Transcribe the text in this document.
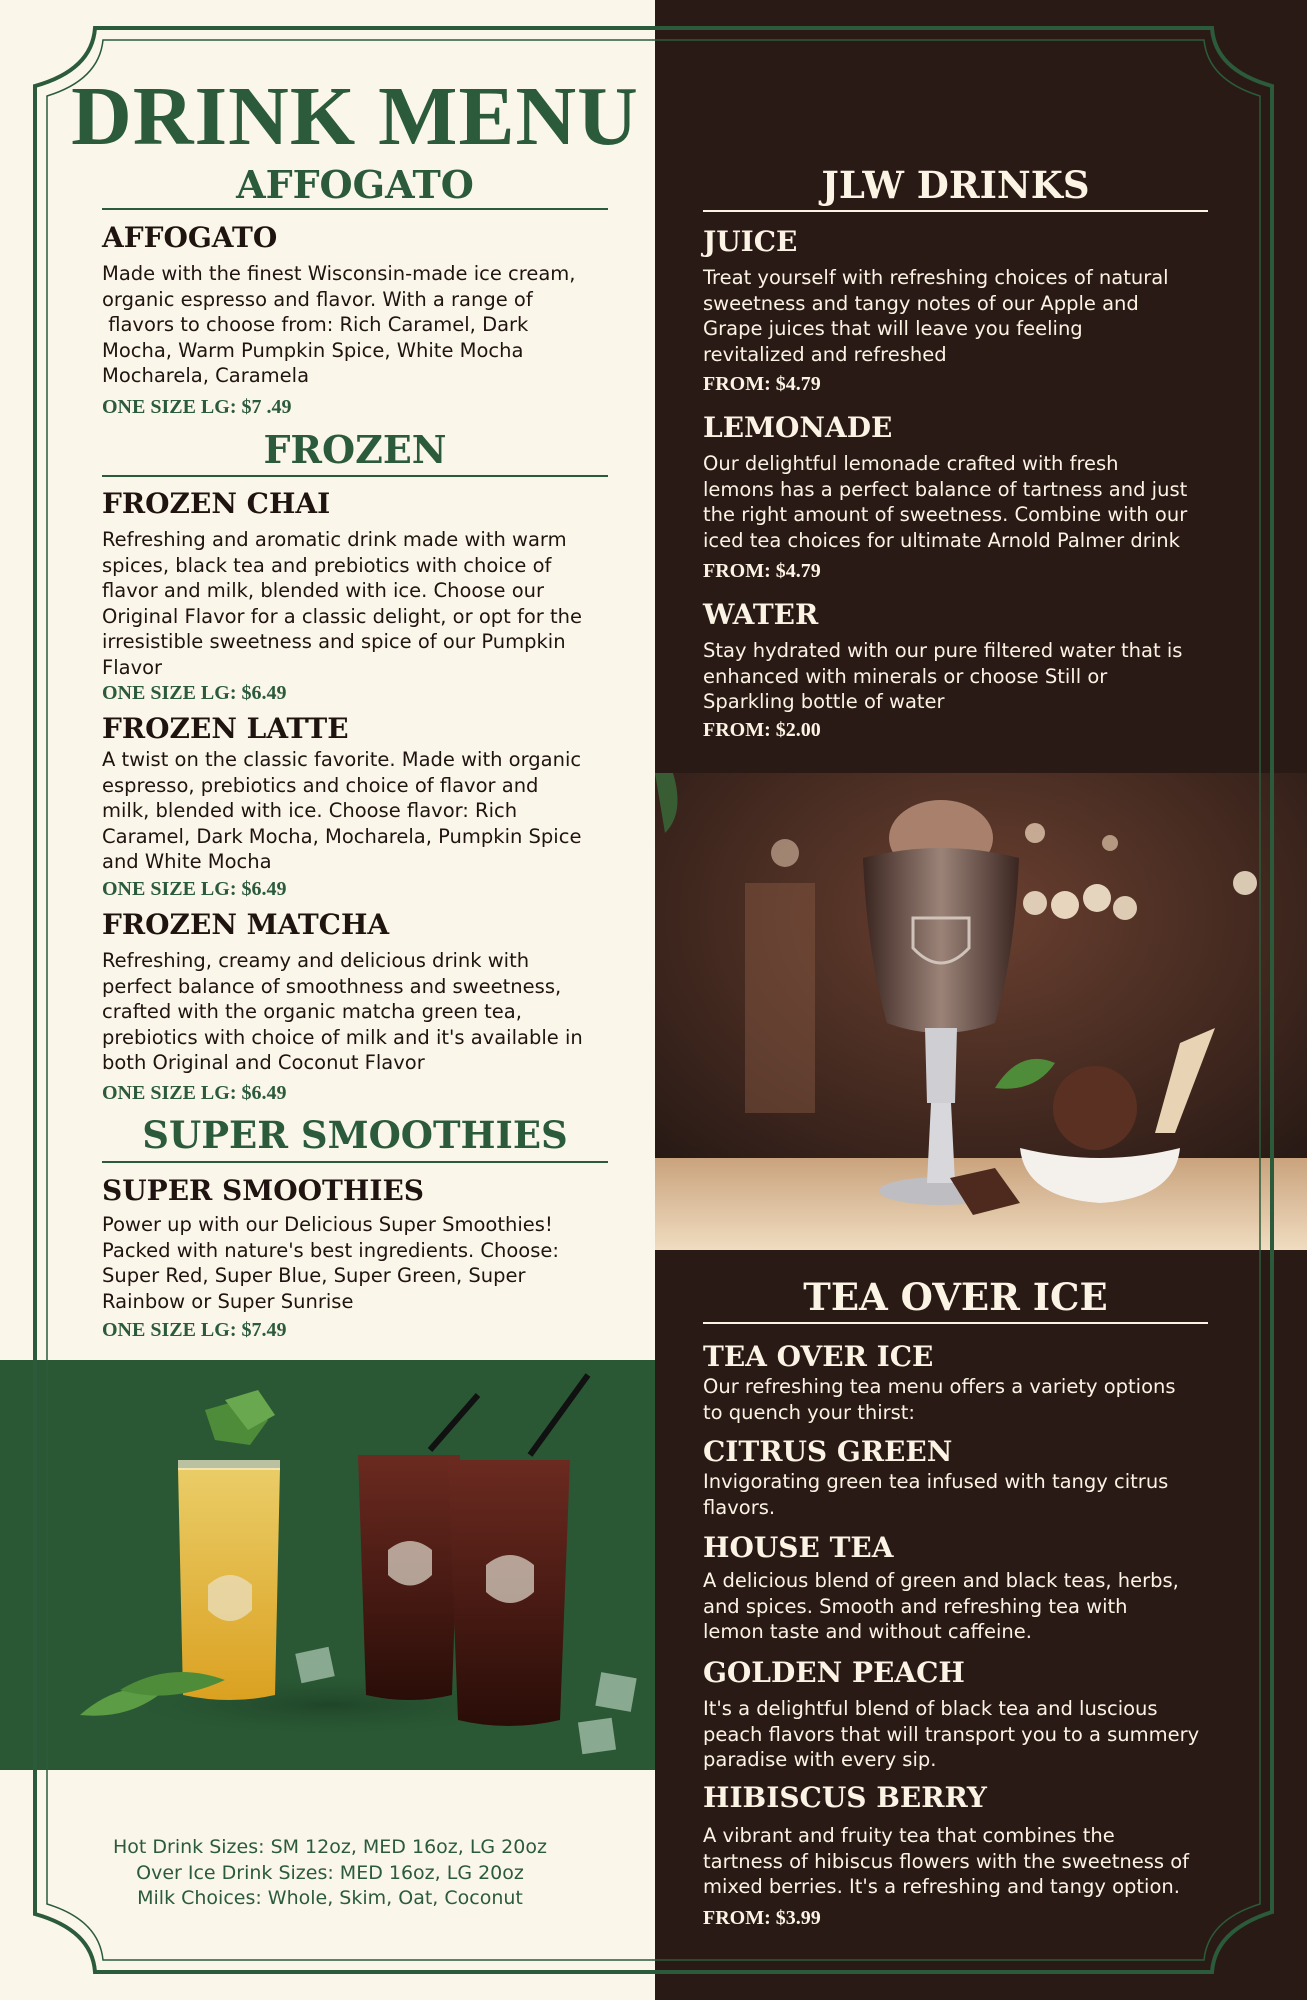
DRINK MENU
AFFOGATO
AFFOGATO
Made with the finest Wisconsin-made ice cream,
organic espresso and flavor. With a range of
flavors to choose from: Rich Caramel, Dark
Mocha, Warm Pumpkin Spice, White Mocha
Mocharela, Caramela
ONE SIZE LG: $7 .49
FROZEN
FROZEN CHAI
Refreshing and aromatic drink made with warm
spices, black tea and prebiotics with choice of
flavor and milk, blended with ice. Choose our
Original Flavor for a classic delight, or opt for the
irresistible sweetness and spice of our Pumpkin
Flavor
ONE SIZE LG: $6.49
FROZEN LATTE
A twist on the classic favorite. Made with organic
espresso, prebiotics and choice of flavor and
milk, blended with ice. Choose flavor: Rich
Caramel, Dark Mocha, Mocharela, Pumpkin Spice
and White Mocha
ONE SIZE LG: $6.49
FROZEN MATCHA
Refreshing, creamy and delicious drink with
perfect balance of smoothness and sweetness,
crafted with the organic matcha green tea,
prebiotics with choice of milk and it's available in
both Original and Coconut Flavor
ONE SIZE LG: $6.49
SUPER SMOOTHIES
SUPER SMOOTHIES
Power up with our Delicious Super Smoothies!
Packed with nature's best ingredients. Choose:
Super Red, Super Blue, Super Green, Super
Rainbow or Super Sunrise
ONE SIZE LG: $7.49
Hot Drink Sizes: SM 12oz, MED 16oz, LG 20oz
Over Ice Drink Sizes: MED 16oz, LG 20oz
Milk Choices: Whole, Skim, Oat, Coconut
JLW DRINKS
JUICE
Treat yourself with refreshing choices of natural
sweetness and tangy notes of our Apple and
Grape juices that will leave you feeling
revitalized and refreshed
FROM: $4.79
LEMONADE
Our delightful lemonade crafted with fresh
lemons has a perfect balance of tartness and just
the right amount of sweetness. Combine with our
iced tea choices for ultimate Arnold Palmer drink
FROM: $4.79
WATER
Stay hydrated with our pure filtered water that is
enhanced with minerals or choose Still or
Sparkling bottle of water
FROM: $2.00
TEA OVER ICE
TEA OVER ICE
Our refreshing tea menu offers a variety options
to quench your thirst:
CITRUS GREEN
Invigorating green tea infused with tangy citrus
flavors.
HOUSE TEA
A delicious blend of green and black teas, herbs,
and spices. Smooth and refreshing tea with
lemon taste and without caffeine.
GOLDEN PEACH
It's a delightful blend of black tea and luscious
peach flavors that will transport you to a summery
paradise with every sip.
HIBISCUS BERRY
A vibrant and fruity tea that combines the
tartness of hibiscus flowers with the sweetness of
mixed berries. It's a refreshing and tangy option.
FROM: $3.99
